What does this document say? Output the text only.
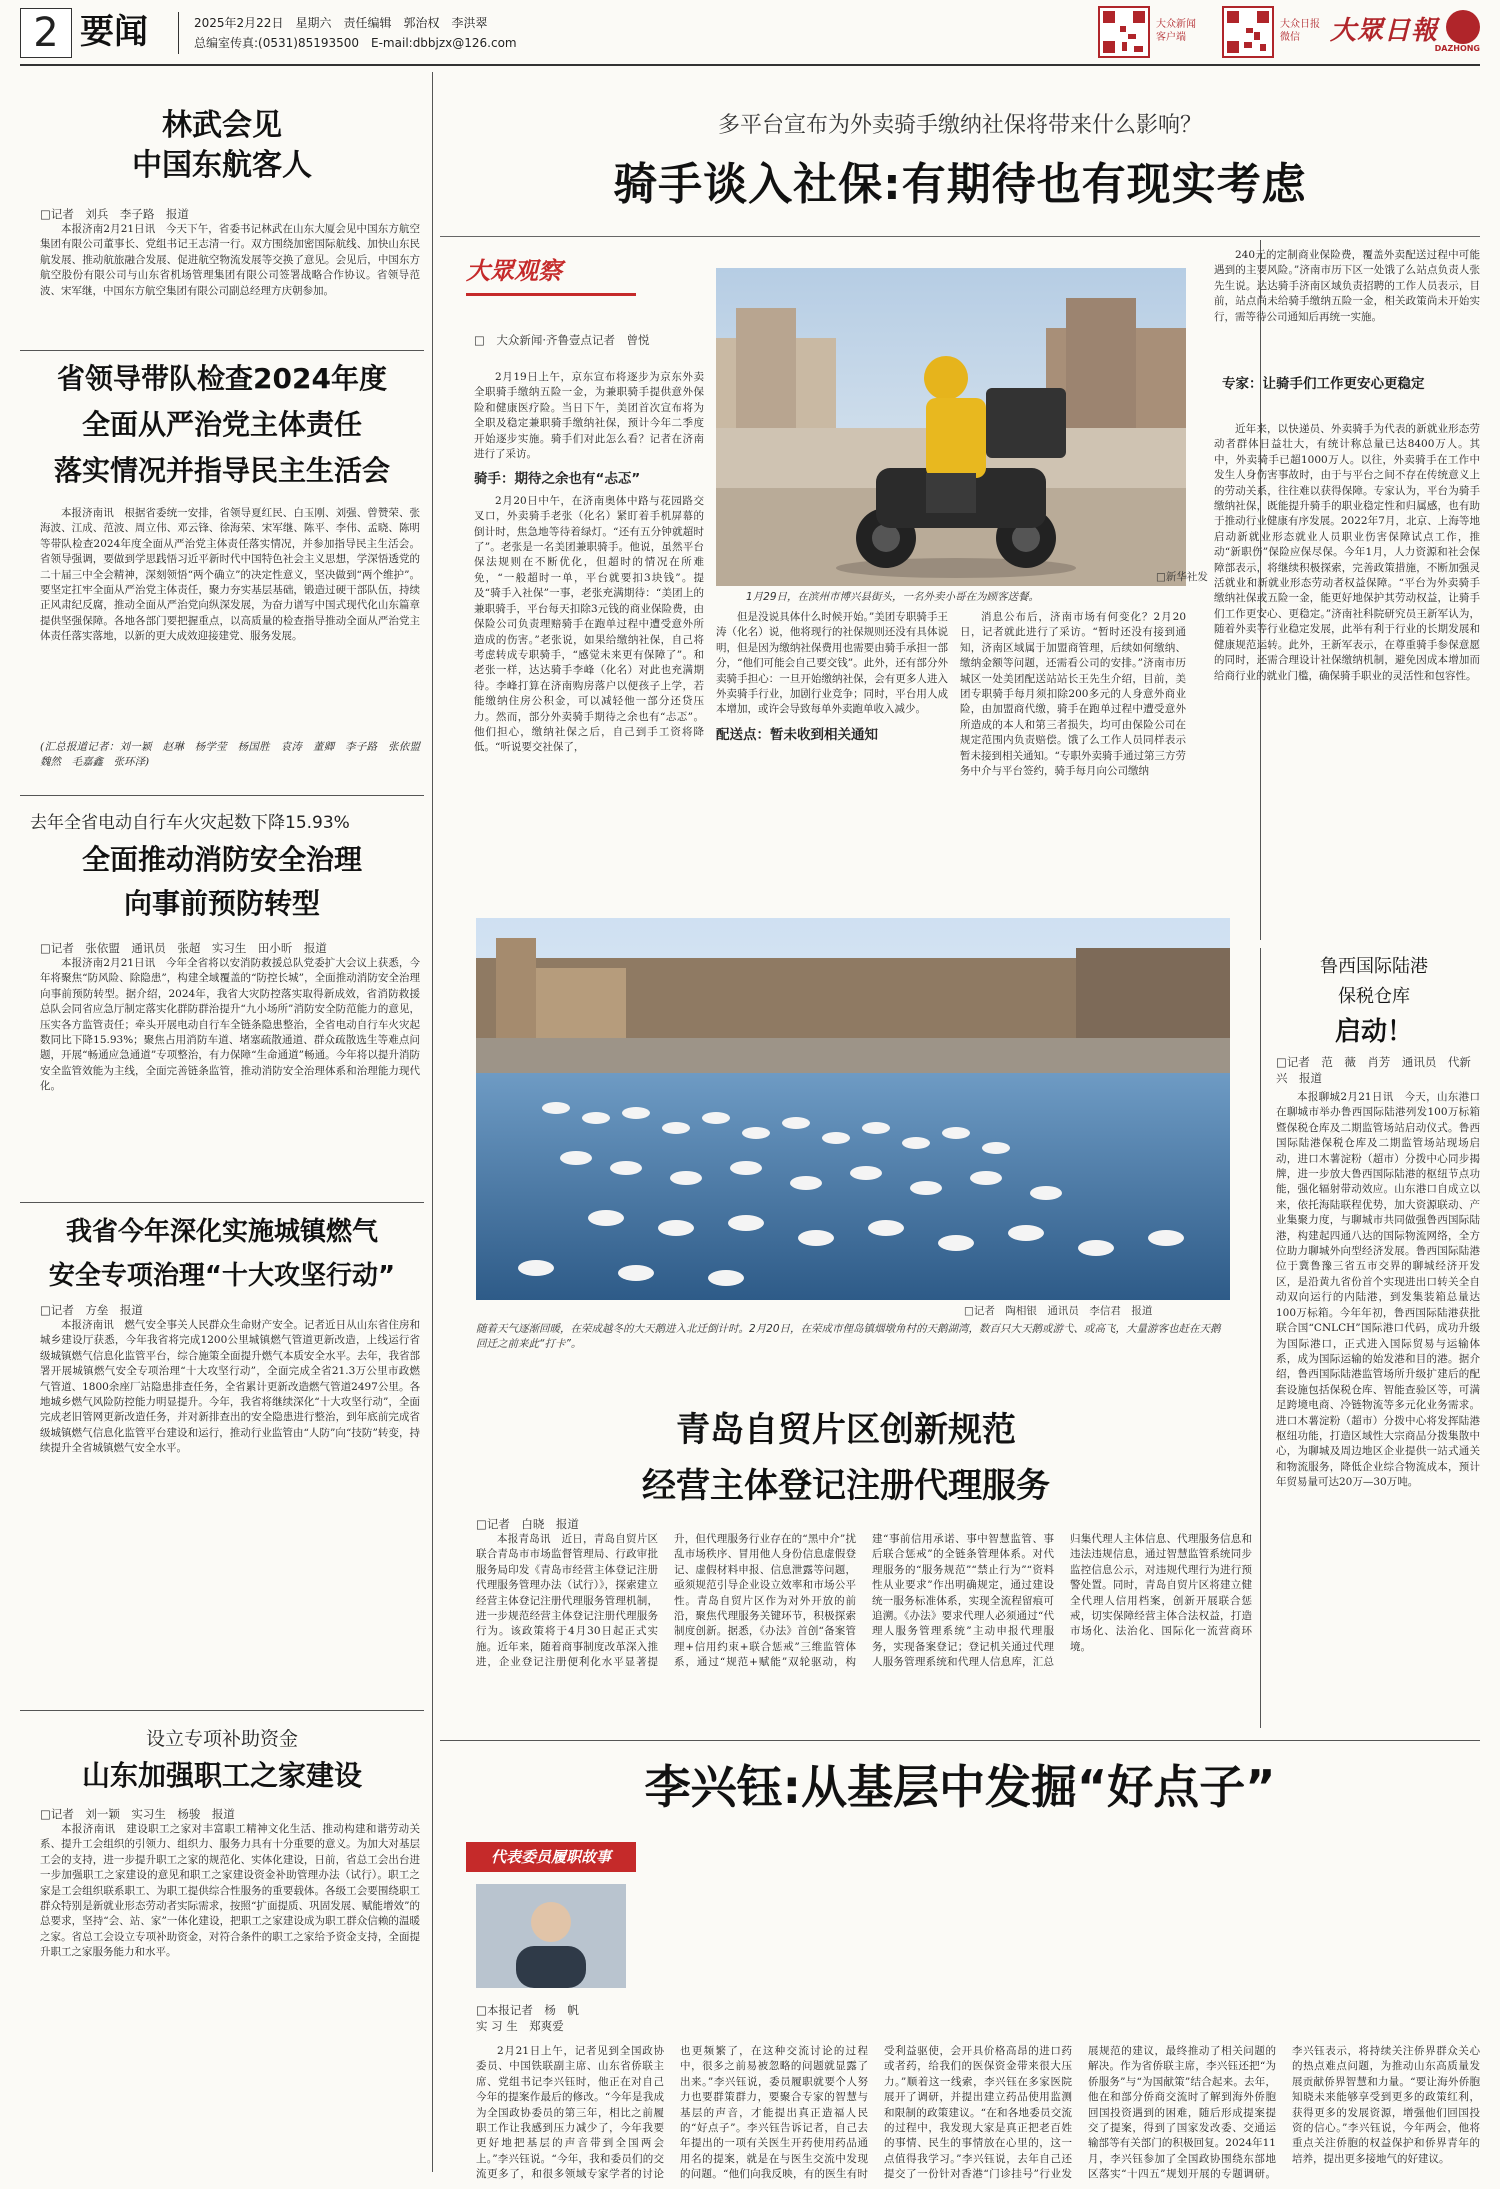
2 要闻	2025年2月22日　星期六　责任编辑　郭治权　李洪翠
总编室传真:(0531)85193500　E-mail:dbbjzx@126.com
大众新闻
客户端
大众日报
微信	大眾日報
DAZHONG
林武会见
中国东航客人
□记者　刘兵　李子路　报道

本报济南2月21日讯　今天下午，省委书记林武在山东大厦会见中国东方航空集团有限公司董事长、党组书记王志清一行。双方围绕加密国际航线、加快山东民航发展、推动航旅融合发展、促进航空物流发展等交换了意见。会见后，中国东方航空股份有限公司与山东省机场管理集团有限公司签署战略合作协议。省领导范波、宋军继，中国东方航空集团有限公司副总经理方庆朝参加。

省领导带队检查2024年度
全面从严治党主体责任
落实情况并指导民主生活会

本报济南讯　根据省委统一安排，省领导夏红民、白玉刚、刘强、曾赞荣、张海波、江成、范波、周立伟、邓云锋、徐海荣、宋军继、陈平、李伟、孟晓、陈明等带队检查2024年度全面从严治党主体责任落实情况，并参加指导民主生活会。省领导强调，要做到学思践悟习近平新时代中国特色社会主义思想，学深悟透党的二十届三中全会精神，深刻领悟“两个确立”的决定性意义，坚决做到“两个维护”。要坚定扛牢全面从严治党主体责任，聚力夯实基层基础，锻造过硬干部队伍，持续正风肃纪反腐，推动全面从严治党向纵深发展，为奋力谱写中国式现代化山东篇章提供坚强保障。各地各部门要把握重点，以高质量的检查指导推动全面从严治党主体责任落实落地，以新的更大成效迎接建党、服务发展。

(汇总报道记者：刘一颖　赵琳　杨学莹　杨国胜　袁涛　董卿　李子路　张依盟　魏然　毛嘉鑫　张环泽)
去年全省电动自行车火灾起数下降15.93%
全面推动消防安全治理
向事前预防转型
□记者　张依盟　通讯员　张超　实习生　田小昕　报道

本报济南2月21日讯　今年全省将以安消防救援总队党委扩大会议上获悉，今年将聚焦“防风险、除隐患”，构建全域覆盖的“防控长城”，全面推动消防安全治理向事前预防转型。据介绍，2024年，我省大灾防控落实取得新成效，省消防救援总队会同省应急厅制定落实化群防群治提升“九小场所”消防安全防范能力的意见，压实各方监管责任；牵头开展电动自行车全链条隐患整治，全省电动自行车火灾起数同比下降15.93%；聚焦占用消防车道、堵塞疏散通道、群众疏散选生等难点问题，开展“畅通应急通道”专项整治，有力保障“生命通道”畅通。今年将以提升消防安全监管效能为主线，全面完善链条监管，推动消防安全治理体系和治理能力现代化。

我省今年深化实施城镇燃气
安全专项治理“十大攻坚行动”
□记者　方垒　报道

本报济南讯　燃气安全事关人民群众生命财产安全。记者近日从山东省住房和城乡建设厅获悉，今年我省将完成1200公里城镇燃气管道更新改造，上线运行省级城镇燃气信息化监管平台，综合施策全面提升燃气本质安全水平。去年，我省部署开展城镇燃气安全专项治理“十大攻坚行动”，全面完成全省21.3万公里市政燃气管道、1800余座厂站隐患排查任务，全省累计更新改造燃气管道2497公里。各地城乡燃气风险防控能力明显提升。今年，我省将继续深化“十大攻坚行动”，全面完成老旧管网更新改造任务，并对新排查出的安全隐患进行整治，到年底前完成省级城镇燃气信息化监管平台建设和运行，推动行业监管由“人防”向“技防”转变，持续提升全省城镇燃气安全水平。

设立专项补助资金
山东加强职工之家建设
□记者　刘一颖　实习生　杨骏　报道

本报济南讯　建设职工之家对丰富职工精神文化生活、推动构建和谐劳动关系、提升工会组织的引领力、组织力、服务力具有十分重要的意义。为加大对基层工会的支持，进一步提升职工之家的规范化、实体化建设，日前，省总工会出台进一步加强职工之家建设的意见和职工之家建设资金补助管理办法（试行）。职工之家是工会组织联系职工、为职工提供综合性服务的重要载体。各级工会要围绕职工群众特别是新就业形态劳动者实际需求，按照“扩面提质、巩固发展、赋能增效”的总要求，坚持“会、站、家”一体化建设，把职工之家建设成为职工群众信赖的温暖之家。省总工会设立专项补助资金，对符合条件的职工之家给予资金支持，全面提升职工之家服务能力和水平。

多平台宣布为外卖骑手缴纳社保将带来什么影响？
骑手谈入社保:有期待也有现实考虑
大眾观察
□　大众新闻·齐鲁壹点记者　曾悦

2月19日上午，京东宣布将逐步为京东外卖全职骑手缴纳五险一金，为兼职骑手提供意外保险和健康医疗险。当日下午，美团首次宣布将为全职及稳定兼职骑手缴纳社保，预计今年二季度开始逐步实施。骑手们对此怎么看？记者在济南进行了采访。

骑手：期待之余也有“忐忑”

2月20日中午，在济南奥体中路与花园路交叉口，外卖骑手老张（化名）紧盯着手机屏幕的倒计时，焦急地等待着绿灯。“还有五分钟就超时了”。老张是一名美团兼职骑手。他说，虽然平台保法规则在不断优化，但超时的情况在所难免，“一般超时一单，平台就要扣3块钱”。提及“骑手入社保”一事，老张充满期待：“美团上的兼职骑手，平台每天扣除3元钱的商业保险费，由保险公司负责理赔骑手在跑单过程中遭受意外所造成的伤害。”老张说，如果给缴纳社保，自己将考虑转成专职骑手，“感觉未来更有保障了”。和老张一样，达达骑手李峰（化名）对此也充满期待。李峰打算在济南购房落户以便孩子上学，若能缴纳住房公积金，可以减轻他一部分还贷压力。然而，部分外卖骑手期待之余也有“忐忑”。他们担心，缴纳社保之后，自己到手工资将降低。“听说要交社保了，

1月29日，在滨州市博兴县街头，一名外卖小哥在为顾客送餐。
□新华社发

但是没说具体什么时候开始。”美团专职骑手王涛（化名）说，他将现行的社保规则还没有具体说明，但是因为缴纳社保费用也需要由骑手承担一部分，“他们可能会自己要交钱”。此外，还有部分外卖骑手担心：一旦开始缴纳社保，会有更多人进入外卖骑手行业，加剧行业竞争；同时，平台用人成本增加，或许会导致每单外卖跑单收入减少。

配送点：暂未收到相关通知

消息公布后，济南市场有何变化？2月20日，记者就此进行了采访。“暂时还没有接到通知，济南区域属于加盟商管理，后续如何缴纳、缴纳金额等问题，还需看公司的安排。”济南市历城区一处美团配送站站长王先生介绍，目前，美团专职骑手每月须扣除200多元的人身意外商业险，由加盟商代缴，骑手在跑单过程中遭受意外所造成的本人和第三者损失，均可由保险公司在规定范围内负责赔偿。饿了么工作人员同样表示暂未接到相关通知。“专职外卖骑手通过第三方劳务中介与平台签约，骑手每月向公司缴纳

240元的定制商业保险费，覆盖外卖配送过程中可能遇到的主要风险。”济南市历下区一处饿了么站点负责人张先生说。达达骑手济南区域负责招聘的工作人员表示，目前，站点尚未给骑手缴纳五险一金，相关政策尚未开始实行，需等待公司通知后再统一实施。

专家：让骑手们工作更安心更稳定

近年来，以快递员、外卖骑手为代表的新就业形态劳动者群体日益壮大，有统计称总量已达8400万人。其中，外卖骑手已超1000万人。以往，外卖骑手在工作中发生人身伤害事故时，由于与平台之间不存在传统意义上的劳动关系，往往难以获得保障。专家认为，平台为骑手缴纳社保，既能提升骑手的职业稳定性和归属感，也有助于推动行业健康有序发展。2022年7月，北京、上海等地启动新就业形态就业人员职业伤害保障试点工作，推动“新职伤”保险应保尽保。今年1月，人力资源和社会保障部表示，将继续积极探索，完善政策措施，不断加强灵活就业和新就业形态劳动者权益保障。“平台为外卖骑手缴纳社保或五险一金，能更好地保护其劳动权益，让骑手们工作更安心、更稳定。”济南社科院研究员王新军认为，随着外卖等行业稳定发展，此举有利于行业的长期发展和健康规范运转。此外，王新军表示，在尊重骑手参保意愿的同时，还需合理设计社保缴纳机制，避免因成本增加而给商行业的就业门槛，确保骑手职业的灵活性和包容性。

□记者　陶相银　通讯员　李信君　报道
随着天气逐渐回暖，在荣成越冬的大天鹅进入北迁倒计时。2月20日，在荣成市俚岛镇烟墩角村的天鹅湖湾，数百只大天鹅或游弋、或高飞，大量游客也赶在天鹅回迁之前来此“打卡”。
鲁西国际陆港
保税仓库
启动！
□记者　范　薇　肖芳　通讯员　代新兴　报道

本报聊城2月21日讯　今天，山东港口在聊城市举办鲁西国际陆港列发100万标箱暨保税仓库及二期监管场站启动仪式。鲁西国际陆港保税仓库及二期监管场站现场启动，进口木薯淀粉（超市）分拨中心同步揭牌，进一步放大鲁西国际陆港的枢纽节点功能，强化辐射带动效应。山东港口自成立以来，依托海陆联程优势，加大资源联动、产业集聚力度，与聊城市共同做强鲁西国际陆港，构建起四通八达的国际物流网络，全方位助力聊城外向型经济发展。鲁西国际陆港位于冀鲁豫三省五市交界的聊城经济开发区，是沿黄九省份首个实现进出口转关全自动双向运行的内陆港，到发集装箱总量达100万标箱。今年年初，鲁西国际陆港获批联合国“CNLCH”国际港口代码，成功升级为国际港口，正式进入国际贸易与运输体系，成为国际运输的始发港和目的港。据介绍，鲁西国际陆港监管场所升级扩建后的配套设施包括保税仓库、智能查验区等，可满足跨境电商、冷链物流等多元化业务需求。进口木薯淀粉（超市）分拨中心将发挥陆港枢纽功能，打造区域性大宗商品分拨集散中心，为聊城及周边地区企业提供一站式通关和物流服务，降低企业综合物流成本，预计年贸易量可达20万—30万吨。

青岛自贸片区创新规范
经营主体登记注册代理服务
□记者　白晓　报道

本报青岛讯　近日，青岛自贸片区联合青岛市市场监督管理局、行政审批服务局印发《青岛市经营主体登记注册代理服务管理办法（试行）》，探索建立经营主体登记注册代理服务管理机制，进一步规范经营主体登记注册代理服务行为。该政策将于4月30日起正式实施。近年来，随着商事制度改革深入推进，企业登记注册便利化水平显著提升，但代理服务行业存在的“黑中介”扰乱市场秩序、冒用他人身份信息虚假登记、虚假材料申报、信息泄露等问题，亟须规范引导企业设立效率和市场公平性。青岛自贸片区作为对外开放的前沿，聚焦代理服务关键环节，积极探索制度创新。据悉，《办法》首创“备案管理+信用约束+联合惩戒”三维监管体系，通过“规范+赋能”双轮驱动，构建“事前信用承诺、事中智慧监管、事后联合惩戒”的全链条管理体系。对代理服务的“服务规范”“禁止行为”“资料性从业要求”作出明确规定，通过建设统一服务标准体系，实现全流程留痕可追溯。《办法》要求代理人必须通过“代理人服务管理系统”主动申报代理服务，实现备案登记；登记机关通过代理人服务管理系统和代理人信息库，汇总归集代理人主体信息、代理服务信息和违法违规信息，通过智慧监管系统同步监控信息公示，对违规代理行为进行预警处置。同时，青岛自贸片区将建立健全代理人信用档案，创新开展联合惩戒，切实保障经营主体合法权益，打造市场化、法治化、国际化一流营商环境。

李兴钰:从基层中发掘“好点子”
代表委员履职故事
□本报记者　杨　帆
实 习 生　郑爽爱

2月21日上午，记者见到全国政协委员、中国铁联副主席、山东省侨联主席、党组书记李兴钰时，他正在对自己今年的提案作最后的修改。“今年是我成为全国政协委员的第三年，相比之前履职工作让我感到压力减少了，今年我要更好地把基层的声音带到全国两会上。”李兴钰说。“今年，我和委员们的交流更多了，和很多领域专家学者的讨论也更频繁了，在这种交流讨论的过程中，很多之前易被忽略的问题就显露了出来。”李兴钰说，委员履职就要个人努力也要群策群力，要聚合专家的智慧与基层的声音，才能提出真正造福人民的“好点子”。李兴钰告诉记者，自己去年提出的一项有关医生开药使用药品通用名的提案，就是在与医生交流中发现的问题。“他们向我反映，有的医生有时受利益驱使，会开具价格高昂的进口药或者药，给我们的医保资金带来很大压力。”顺着这一线索，李兴钰在多家医院展开了调研，并提出建立药品使用监测和限制的政策建议。“在和各地委员交流的过程中，我发现大家是真正把老百姓的事情、民生的事情放在心里的，这一点值得我学习。”李兴钰说，去年自己还提交了一份针对香港“门诊挂号”行业发展规范的建议，最终推动了相关问题的解决。作为省侨联主席，李兴钰还把“为侨服务”与“为国献策”结合起来。去年，他在和部分侨商交流时了解到海外侨胞回国投资遇到的困难，随后形成提案提交了提案，得到了国家发改委、交通运输部等有关部门的积极回复。2024年11月，李兴钰参加了全国政协围绕东部地区落实“十四五”规划开展的专题调研。李兴钰表示，将持续关注侨界群众关心的热点难点问题，为推动山东高质量发展贡献侨界智慧和力量。“要让海外侨胞知晓未来能够享受到更多的政策红利，获得更多的发展资源，增强他们回国投资的信心。”李兴钰说，今年两会，他将重点关注侨胞的权益保护和侨界青年的培养，提出更多接地气的好建议。
